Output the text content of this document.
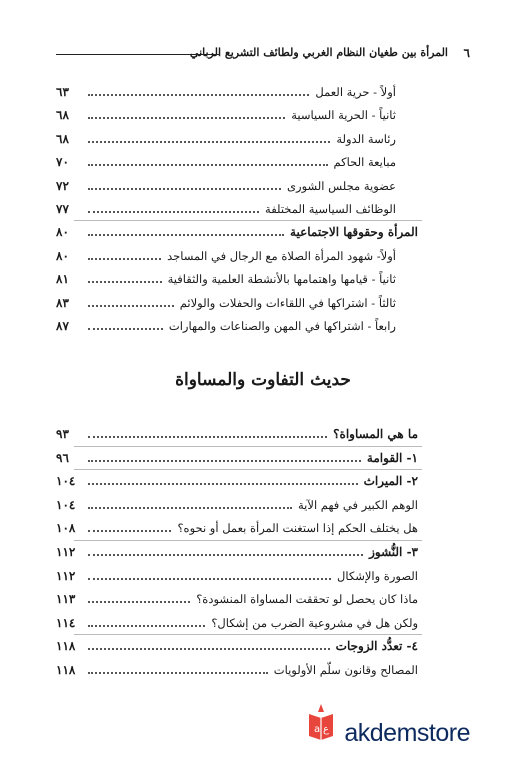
٦
المرأة بين طغيان النظام الغربي ولطائف التشريع الرباني
أولاً - حرية العمل
٦٣
ثانياً - الحرية السياسية
٦٨
رئاسة الدولة
٦٨
مبايعة الحاكم
٧٠
عضوية مجلس الشورى
٧٢
الوظائف السياسية المختلفة
٧٧
المرأة وحقوقها الاجتماعية
٨٠
أولاً- شهود المرأة الصلاة مع الرجال في المساجد
٨٠
ثانياً - قيامها واهتمامها بالأنشطة العلمية والثقافية
٨١
ثالثاً - اشتراكها في اللقاءات والحفلات والولائم
٨٣
رابعاً - اشتراكها في المهن والصناعات والمهارات
٨٧
حديث التفاوت والمساواة
ما هي المساواة؟
٩٣
١- القوامة
٩٦
٢- الميراث
١٠٤
الوهم الكبير في فهم الآية
١٠٤
هل يختلف الحكم إذا استغنت المرأة بعمل أو نحوه؟
١٠٨
٣- النُّشوز
١١٢
الصورة والإشكال
١١٢
ماذا كان يحصل لو تحققت المساواة المنشودة؟
١١٣
ولكن هل في مشروعية الضرب من إشكال؟
١١٤
٤- تعدُّد الزوجات
١١٨
المصالح وقانون سلّم الأولويات
١١٨
a ع akdemstore
